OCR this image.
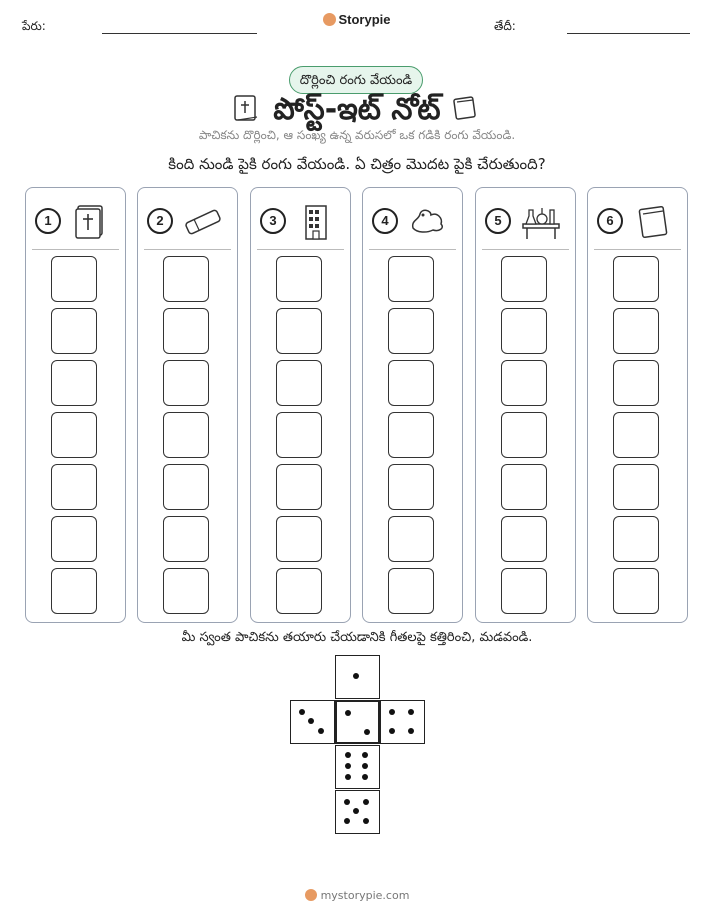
పేరు:	Storypie	తేదీ:
దొర్లించి రంగు వేయండి
పోస్ట్-ఇట్ నోట్
పాచికను దొర్లించి, ఆ సంఖ్య ఉన్న వరుసలో ఒక గడికి రంగు వేయండి.
కింది నుండి పైకి రంగు వేయండి. ఏ చిత్రం మొదట పైకి చేరుతుంది?
1	2	3	4	5	6
మీ స్వంత పాచికను తయారు చేయడానికి గీతలపై కత్తిరించి, మడవండి.
mystorypie.com
